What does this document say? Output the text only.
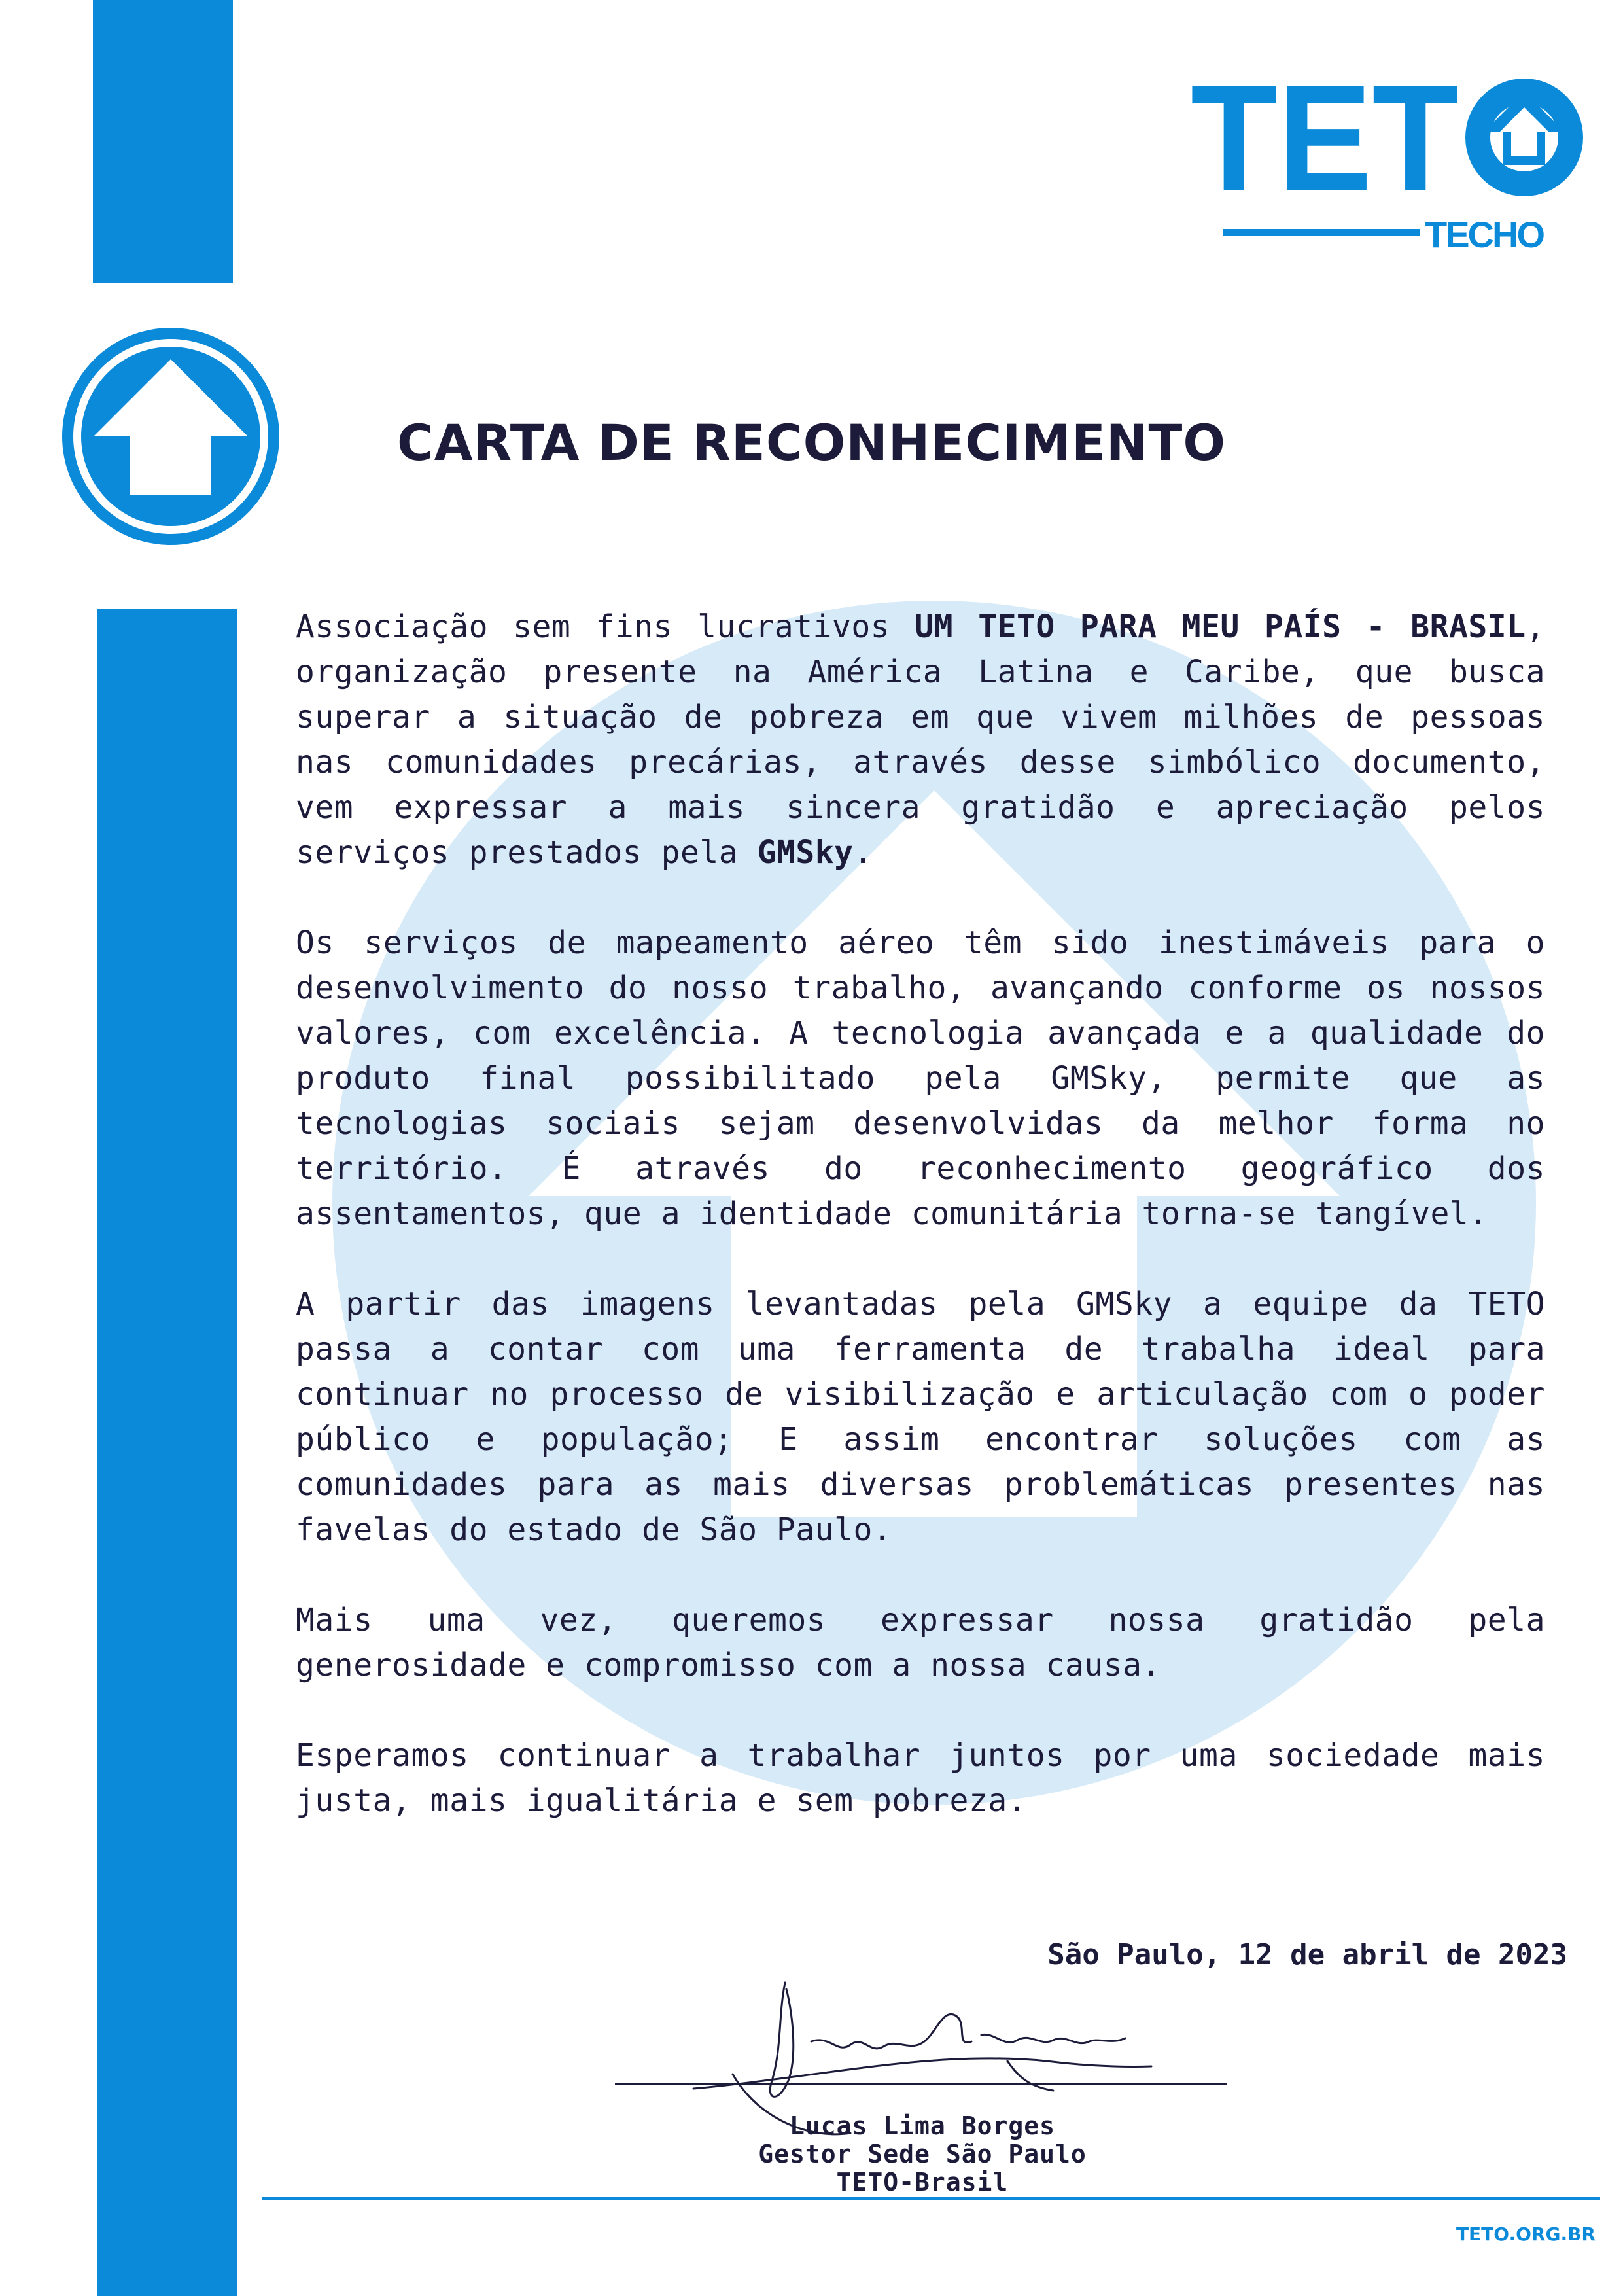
TET
TECHO
CARTA DE RECONHECIMENTO

Associação sem fins lucrativos UM TETO PARA MEU PAÍS - BRASIL, organização presente na América Latina e Caribe, que busca superar a situação de pobreza em que vivem milhões de pessoas nas comunidades precárias, através desse simbólico documento, vem expressar a mais sincera gratidão e apreciação pelos serviços prestados pela GMSky.

Os serviços de mapeamento aéreo têm sido inestimáveis para o desenvolvimento do nosso trabalho, avançando conforme os nossos valores, com excelência. A tecnologia avançada e a qualidade do produto final possibilitado pela GMSky, permite que as tecnologias sociais sejam desenvolvidas da melhor forma no território. É através do reconhecimento geográfico dos assentamentos, que a identidade comunitária torna-se tangível.

A partir das imagens levantadas pela GMSky a equipe da TETO passa a contar com uma ferramenta de trabalha ideal para continuar no processo de visibilização e articulação com o poder público e população; E assim encontrar soluções com as comunidades para as mais diversas problemáticas presentes nas favelas do estado de São Paulo.

Mais uma vez, queremos expressar nossa gratidão pela generosidade e compromisso com a nossa causa.

Esperamos continuar a trabalhar juntos por uma sociedade mais justa, mais igualitária e sem pobreza.

São Paulo, 12 de abril de 2023
Lucas Lima Borges
Gestor Sede São Paulo
TETO-Brasil
TETO.ORG.BR
